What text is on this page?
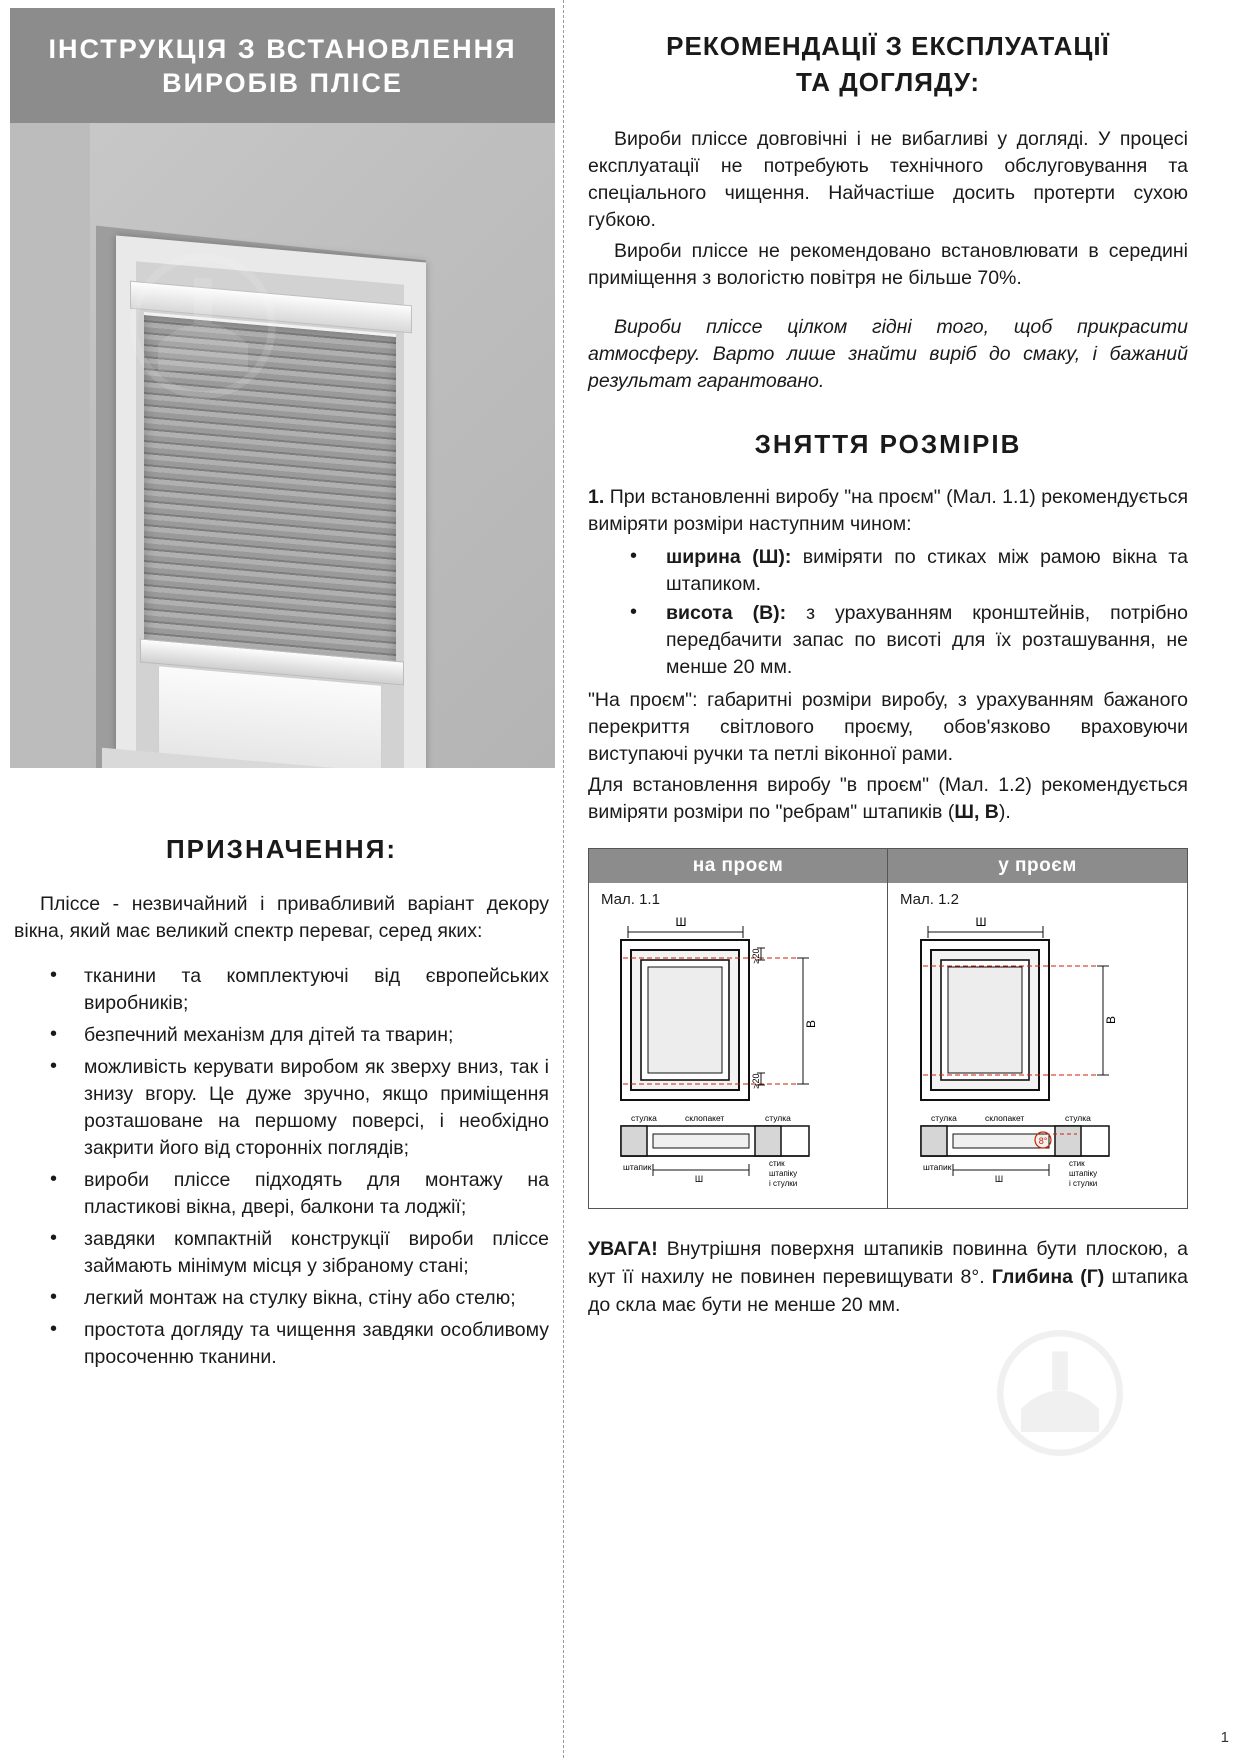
ІНСТРУКЦІЯ З ВСТАНОВЛЕННЯ
ВИРОБІВ ПЛІСЕ
ПРИЗНАЧЕННЯ:

Пліссе - незвичайний і привабливий варіант декору вікна, який має великий спектр переваг, серед яких:

• тканини та комплектуючі від європейських виробників;
• безпечний механізм для дітей та тварин;
• можливість керувати виробом як зверху вниз, так і знизу вгору. Це дуже зручно, якщо приміщення розташоване на першому поверсі, і необхідно закрити його від сторонніх поглядів;
• вироби пліссе підходять для монтажу на пластикові вікна, двері, балкони та лоджії;
• завдяки компактній конструкції вироби пліссе займають мінімум місця у зібраному стані;
• легкий монтаж на стулку вікна, стіну або стелю;
• простота догляду та чищення завдяки особливому просоченню тканини.
РЕКОМЕНДАЦІЇ З ЕКСПЛУАТАЦІЇ
ТА ДОГЛЯДУ:

Вироби пліссе довговічні і не вибагливі у догляді. У процесі експлуатації не потребують технічного обслуговування та спеціального чищення. Найчастіше досить протерти сухою губкою.

Вироби пліссе не рекомендовано встановлювати в середині приміщення з вологістю повітря не більше 70%.

Вироби пліссе цілком гідні того, щоб прикрасити атмосферу. Варто лише знайти виріб до смаку, і бажаний результат гарантовано.

ЗНЯТТЯ РОЗМІРІВ

1. При встановленні виробу "на проєм" (Мал. 1.1) рекомендується виміряти розміри наступним чином:

• ширина (Ш): виміряти по стиках між рамою вікна та штапиком.
• висота (В): з урахуванням кронштейнів, потрібно передбачити запас по висоті для їх розташування, не менше 20 мм.

"На проєм": габаритні розміри виробу, з урахуванням бажаного перекриття світлового проєму, обов'язково враховуючи виступаючі ручки та петлі віконної рами.

Для встановлення виробу "в проєм" (Мал. 1.2) рекомендується виміряти розміри по "ребрам" штапиків (Ш, В).

на проєм
Мал. 1.1
Ш
≥20
≥20
В
стулка	склопакет	стулка
штапик
Ш
стик
штапіку
і стулки
у проєм
Мал. 1.2
Ш
В
8°
стулка	склопакет	стулка
штапик
Ш
стик
штапіку
і стулки

УВАГА! Внутрішня поверхня штапиків повинна бути плоскою, а кут її нахилу не повинен перевищувати 8°. Глибина (Г) штапика до скла має бути не менше 20 мм.

1
